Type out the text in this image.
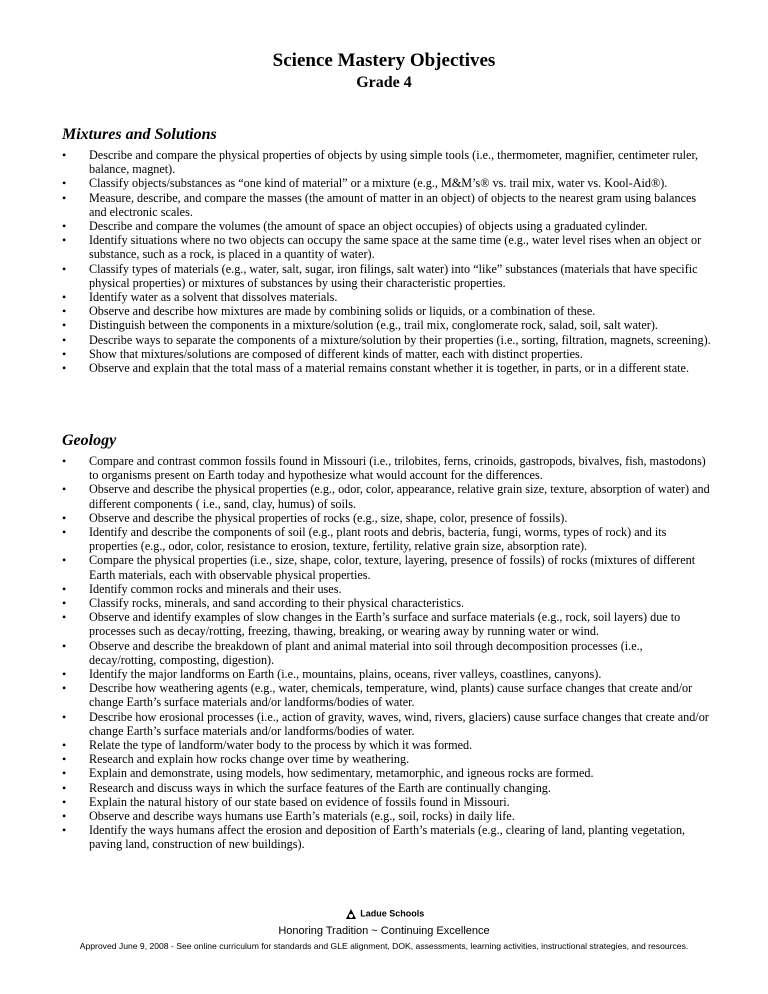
Science Mastery Objectives
Grade 4
Mixtures and Solutions
• Describe and compare the physical properties of objects by using simple tools (i.e., thermometer, magnifier, centimeter ruler, balance, magnet).
• Classify objects/substances as “one kind of material” or a mixture (e.g., M&M’s® vs. trail mix, water vs. Kool-Aid®).
• Measure, describe, and compare the masses (the amount of matter in an object) of objects to the nearest gram using balances and electronic scales.
• Describe and compare the volumes (the amount of space an object occupies) of objects using a graduated cylinder.
• Identify situations where no two objects can occupy the same space at the same time (e.g., water level rises when an object or substance, such as a rock, is placed in a quantity of water).
• Classify types of materials (e.g., water, salt, sugar, iron filings, salt water) into “like” substances (materials that have specific physical properties) or mixtures of substances by using their characteristic properties.
• Identify water as a solvent that dissolves materials.
• Observe and describe how mixtures are made by combining solids or liquids, or a combination of these.
• Distinguish between the components in a mixture/solution (e.g., trail mix, conglomerate rock, salad, soil, salt water).
• Describe ways to separate the components of a mixture/solution by their properties (i.e., sorting, filtration, magnets, screening).
• Show that mixtures/solutions are composed of different kinds of matter, each with distinct properties.
• Observe and explain that the total mass of a material remains constant whether it is together, in parts, or in a different state.
Geology
• Compare and contrast common fossils found in Missouri (i.e., trilobites, ferns, crinoids, gastropods, bivalves, fish, mastodons) to organisms present on Earth today and hypothesize what would account for the differences.
• Observe and describe the physical properties (e.g., odor, color, appearance, relative grain size, texture, absorption of water) and different components ( i.e., sand, clay, humus) of soils.
• Observe and describe the physical properties of rocks (e.g., size, shape, color, presence of fossils).
• Identify and describe the components of soil (e.g., plant roots and debris, bacteria, fungi, worms, types of rock) and its properties (e.g., odor, color, resistance to erosion, texture, fertility, relative grain size, absorption rate).
• Compare the physical properties (i.e., size, shape, color, texture, layering, presence of fossils) of rocks (mixtures of different Earth materials, each with observable physical properties.
• Identify common rocks and minerals and their uses.
• Classify rocks, minerals, and sand according to their physical characteristics.
• Observe and identify examples of slow changes in the Earth’s surface and surface materials (e.g., rock, soil layers) due to processes such as decay/rotting, freezing, thawing, breaking, or wearing away by running water or wind.
• Observe and describe the breakdown of plant and animal material into soil through decomposition processes (i.e., decay/rotting, composting, digestion).
• Identify the major landforms on Earth (i.e., mountains, plains, oceans, river valleys, coastlines, canyons).
• Describe how weathering agents (e.g., water, chemicals, temperature, wind, plants) cause surface changes that create and/or change Earth’s surface materials and/or landforms/bodies of water.
• Describe how erosional processes (i.e., action of gravity, waves, wind, rivers, glaciers) cause surface changes that create and/or change Earth’s surface materials and/or landforms/bodies of water.
• Relate the type of landform/water body to the process by which it was formed.
• Research and explain how rocks change over time by weathering.
• Explain and demonstrate, using models, how sedimentary, metamorphic, and igneous rocks are formed.
• Research and discuss ways in which the surface features of the Earth are continually changing.
• Explain the natural history of our state based on evidence of fossils found in Missouri.
• Observe and describe ways humans use Earth’s materials (e.g., soil, rocks) in daily life.
• Identify the ways humans affect the erosion and deposition of Earth’s materials (e.g., clearing of land, planting vegetation, paving land, construction of new buildings).
Ladue Schools
Honoring Tradition ~ Continuing Excellence
Approved June 9, 2008 - See online curriculum for standards and GLE alignment, DOK, assessments, learning activities, instructional strategies, and resources.
